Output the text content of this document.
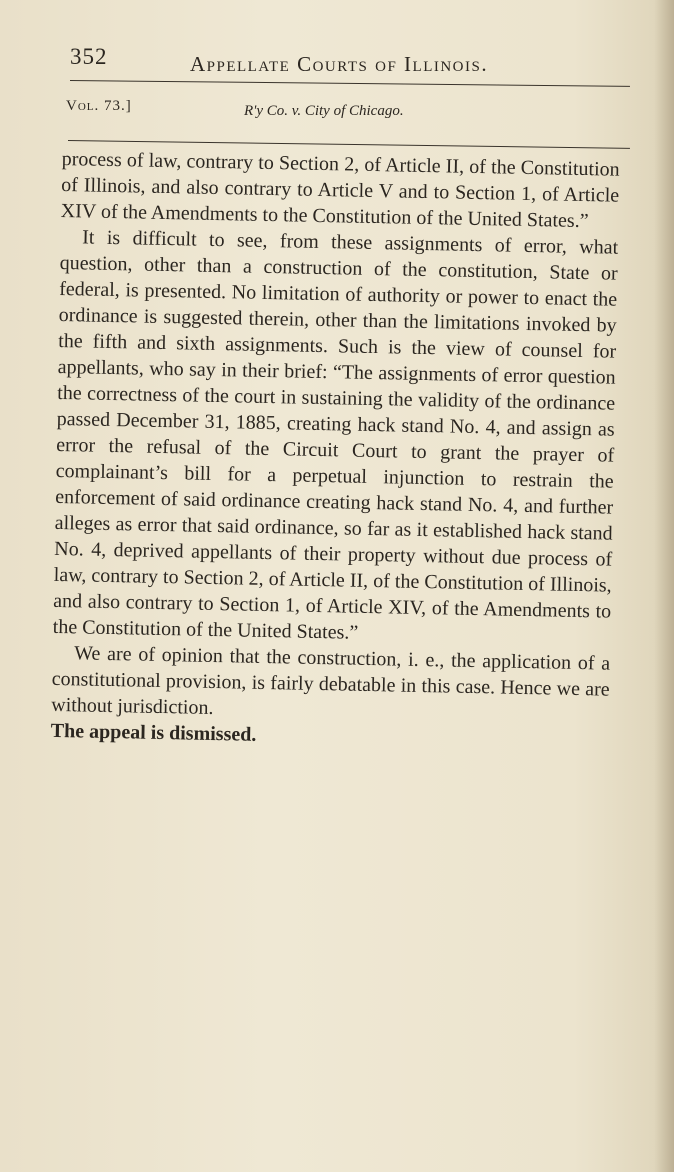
352	Appellate Courts of Illinois.
Vol. 73.]	R'y Co. v. City of Chicago.

process of law, contrary to Section 2, of Article II, of the Constitution of Illinois, and also contrary to Article V and to Section 1, of Article XIV of the Amendments to the Constitution of the United States.”

It is difficult to see, from these assignments of error, what question, other than a construction of the constitution, State or federal, is presented. No limitation of authority or power to enact the ordinance is suggested therein, other than the limitations invoked by the fifth and sixth assignments. Such is the view of counsel for appellants, who say in their brief: “The assignments of error question the correctness of the court in sustaining the validity of the ordinance passed December 31, 1885, creating hack stand No. 4, and assign as error the refusal of the Circuit Court to grant the prayer of complainant’s bill for a perpetual injunction to restrain the enforcement of said ordinance creating hack stand No. 4, and further alleges as error that said ordinance, so far as it established hack stand No. 4, deprived appellants of their property without due process of law, contrary to Section 2, of Article II, of the Constitution of Illinois, and also contrary to Section 1, of Article XIV, of the Amendments to the Constitution of the United States.”

We are of opinion that the construction, i. e., the application of a constitutional provision, is fairly debatable in this case. Hence we are without jurisdiction.

The appeal is dismissed.
